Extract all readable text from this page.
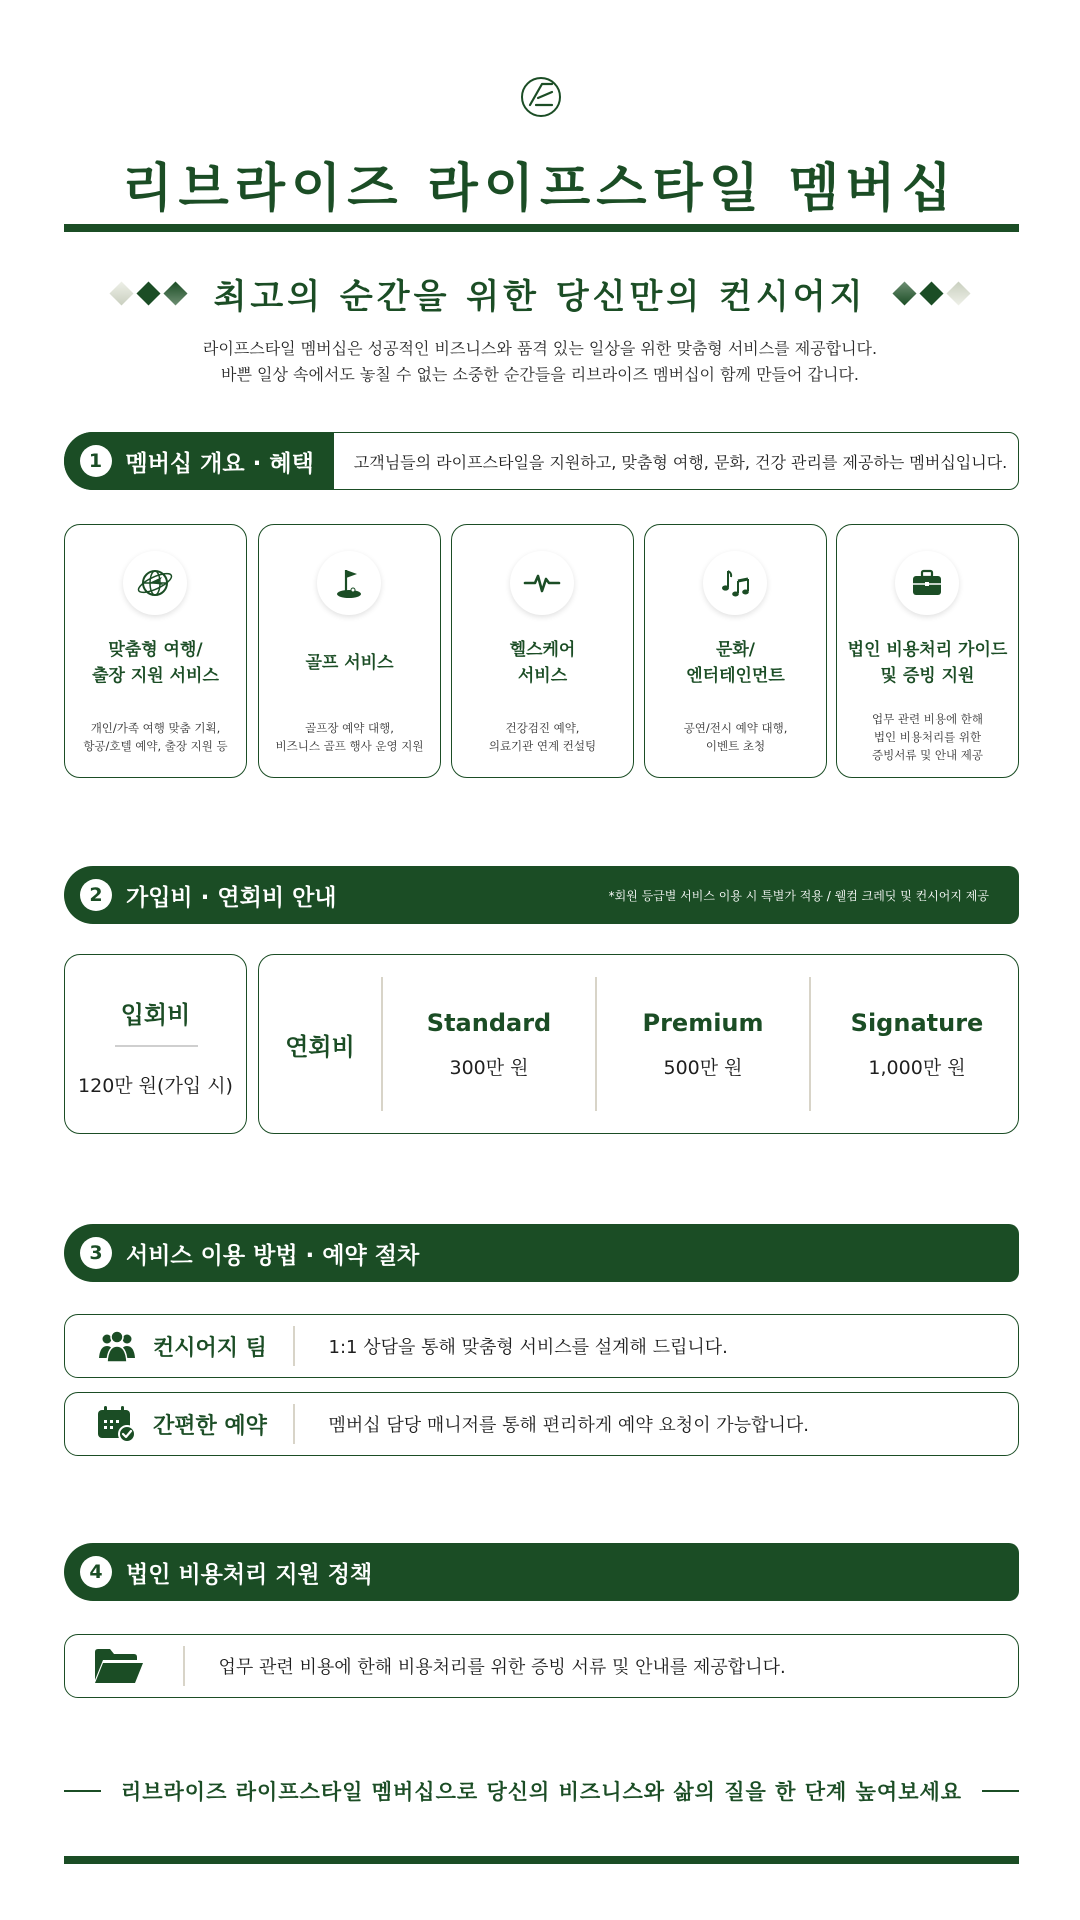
리브라이즈 라이프스타일 멤버십
최고의 순간을 위한 당신만의 컨시어지
라이프스타일 멤버십은 성공적인 비즈니스와 품격 있는 일상을 위한 맞춤형 서비스를 제공합니다.
바쁜 일상 속에서도 놓칠 수 없는 소중한 순간들을 리브라이즈 멤버십이 함께 만들어 갑니다.
1	멤버십 개요 · 혜택	고객님들의 라이프스타일을 지원하고, 맞춤형 여행, 문화, 건강 관리를 제공하는 멤버십입니다.
맞춤형 여행/
출장 지원 서비스
개인/가족 여행 맞춤 기획,
항공/호텔 예약, 출장 지원 등
골프 서비스
골프장 예약 대행,
비즈니스 골프 행사 운영 지원
헬스케어
서비스
건강검진 예약,
의료기관 연계 컨설팅
문화/
엔터테인먼트
공연/전시 예약 대행,
이벤트 초청
법인 비용처리 가이드
및 증빙 지원
업무 관련 비용에 한해
법인 비용처리를 위한
증빙서류 및 안내 제공
2	가입비 · 연회비 안내	*회원 등급별 서비스 이용 시 특별가 적용 / 웰컴 크레딧 및 컨시어지 제공
입회비
120만 원(가입 시)
연회비
Standard
300만 원
Premium
500만 원
Signature
1,000만 원
3	서비스 이용 방법 · 예약 절차
컨시어지 팀	1:1 상담을 통해 맞춤형 서비스를 설계해 드립니다.
간편한 예약	멤버십 담당 매니저를 통해 편리하게 예약 요청이 가능합니다.
4	법인 비용처리 지원 정책
업무 관련 비용에 한해 비용처리를 위한 증빙 서류 및 안내를 제공합니다.
리브라이즈 라이프스타일 멤버십으로 당신의 비즈니스와 삶의 질을 한 단계 높여보세요
